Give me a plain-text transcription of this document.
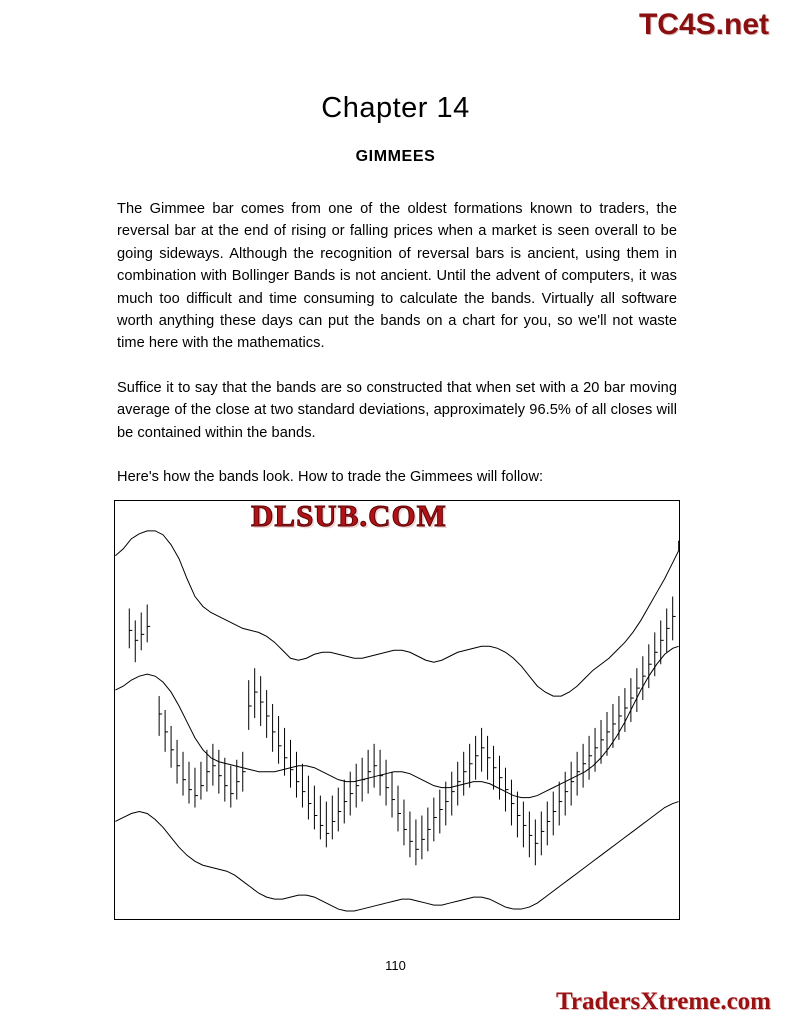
TC4S.net
Chapter 14
GIMMEES

The Gimmee bar comes from one of the oldest formations known to traders, the reversal bar at the end of rising or falling prices when a market is seen overall to be going sideways. Although the recognition of reversal bars is ancient, using them in combination with Bollinger Bands is not ancient. Until the advent of computers, it was much too difficult and time consuming to calculate the bands. Virtually all software worth anything these days can put the bands on a chart for you, so we'll not waste time here with the mathematics.

Suffice it to say that the bands are so constructed that when set with a 20 bar moving average of the close at two standard deviations, approximately 96.5% of all closes will be contained within the bands.

Here's how the bands look. How to trade the Gimmees will follow:

DLSUB.COM
110
TradersXtreme.com
